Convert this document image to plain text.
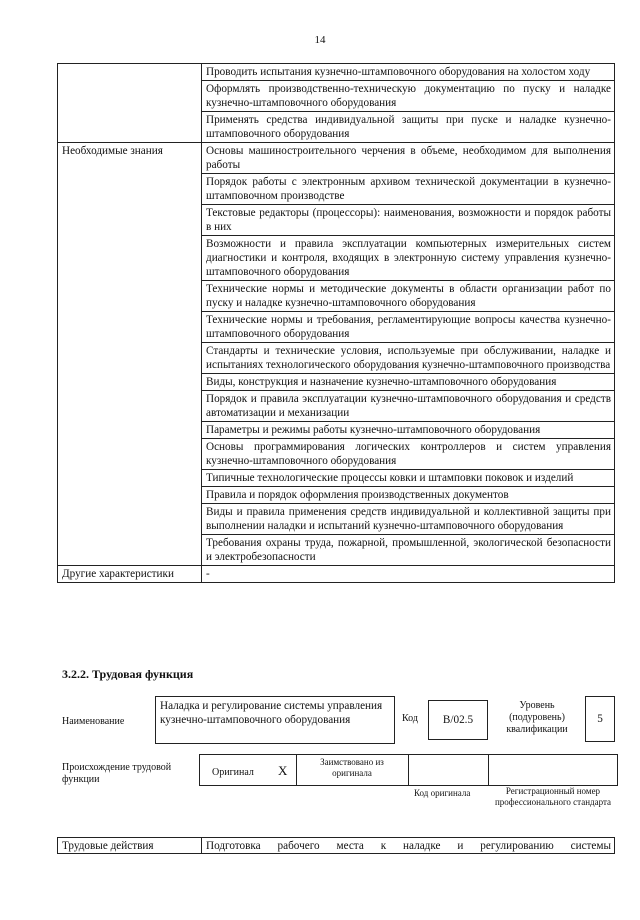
14
	Проводить испытания кузнечно-штамповочного оборудования на холостом ходу
	Оформлять производственно-техническую документацию по пуску и наладке кузнечно-штамповочного оборудования
	Применять средства индивидуальной защиты при пуске и наладке кузнечно-штамповочного оборудования
Необходимые знания	Основы машиностроительного черчения в объеме, необходимом для выполнения работы
	Порядок работы с электронным архивом технической документации в кузнечно-штамповочном производстве
	Текстовые редакторы (процессоры): наименования, возможности и порядок работы в них
	Возможности и правила эксплуатации компьютерных измерительных систем диагностики и контроля, входящих в электронную систему управления кузнечно-штамповочного оборудования
	Технические нормы и методические документы в области организации работ по пуску и наладке кузнечно-штамповочного оборудования
	Технические нормы и требования, регламентирующие вопросы качества кузнечно-штамповочного оборудования
	Стандарты и технические условия, используемые при обслуживании, наладке и испытаниях технологического оборудования кузнечно-штамповочного производства
	Виды, конструкция и назначение кузнечно-штамповочного оборудования
	Порядок и правила эксплуатации кузнечно-штамповочного оборудования и средств автоматизации и механизации
	Параметры и режимы работы кузнечно-штамповочного оборудования
	Основы программирования логических контроллеров и систем управления кузнечно-штамповочного оборудования
	Типичные технологические процессы ковки и штамповки поковок и изделий
	Правила и порядок оформления производственных документов
	Виды и правила применения средств индивидуальной и коллективной защиты при выполнении наладки и испытаний кузнечно-штамповочного оборудования
	Требования охраны труда, пожарной, промышленной, экологической безопасности и электробезопасности
Другие характеристики	-
3.2.2. Трудовая функция
Наименование
Наладка и регулирование системы управления кузнечно-штамповочного оборудования	Код	B/02.5
Уровень (подуровень) квалификации
5
Происхождение трудовой функции
Оригинал X
Заимствовано из оригинала
Код оригинала	Регистрационный номер профессионального стандарта
Трудовые действия	Подготовка рабочего места к наладке и регулированию системы
